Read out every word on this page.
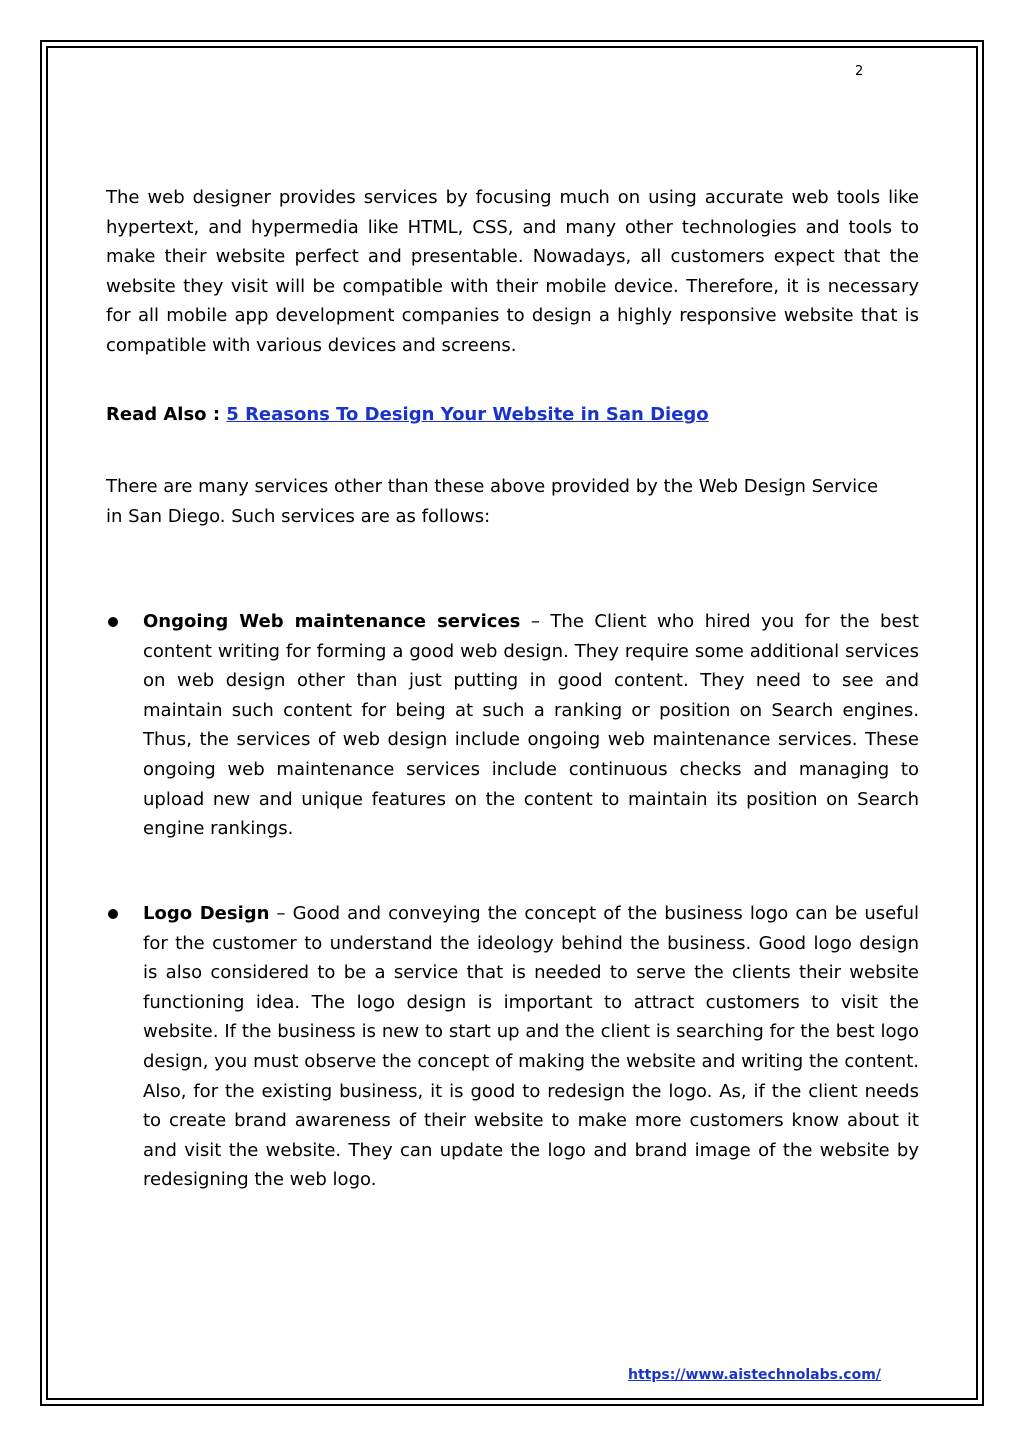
2

The web designer provides services by focusing much on using accurate web tools like hypertext, and hypermedia like HTML, CSS, and many other technologies and tools to make their website perfect and presentable. Nowadays, all customers expect that the website they visit will be compatible with their mobile device. Therefore, it is necessary for all mobile app development companies to design a highly responsive website that is compatible with various devices and screens.

Read Also : 5 Reasons To Design Your Website in San Diego

There are many services other than these above provided by the Web Design Service in San Diego. Such services are as follows:

Ongoing Web maintenance services – The Client who hired you for the best content writing for forming a good web design. They require some additional services on web design other than just putting in good content. They need to see and maintain such content for being at such a ranking or position on Search engines. Thus, the services of web design include ongoing web maintenance services. These ongoing web maintenance services include continuous checks and managing to upload new and unique features on the content to maintain its position on Search engine rankings.

Logo Design – Good and conveying the concept of the business logo can be useful for the customer to understand the ideology behind the business. Good logo design is also considered to be a service that is needed to serve the clients their website functioning idea. The logo design is important to attract customers to visit the website. If the business is new to start up and the client is searching for the best logo design, you must observe the concept of making the website and writing the content. Also, for the existing business, it is good to redesign the logo. As, if the client needs to create brand awareness of their website to make more customers know about it and visit the website. They can update the logo and brand image of the website by redesigning the web logo.

https://www.aistechnolabs.com/
